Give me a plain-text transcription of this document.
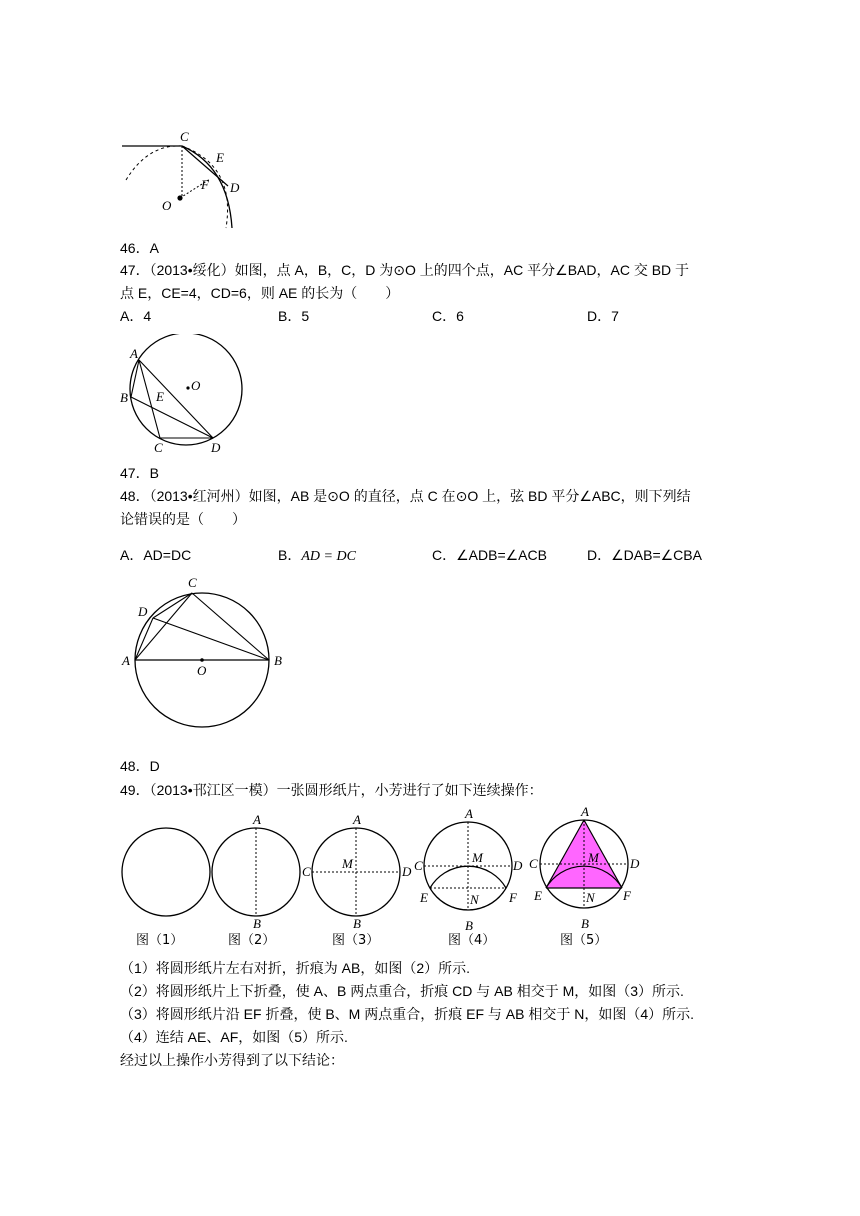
C
E
F D
O
46．A
47．（2013•绥化）如图，点 A，B，C，D 为⊙O 上的四个点，AC 平分∠BAD，AC 交 BD 于
点 E，CE=4，CD=6，则 AE 的长为（　　）
A．4	B．5	C．6	D．7
A
B
C	D
E
O
47．B
48．（2013•红河州）如图，AB 是⊙O 的直径，点 C 在⊙O 上，弦 BD 平分∠ABC，则下列结
论错误的是（　　）
A．AD=DC	B．AD = DC	C．∠ADB=∠ACB	D．∠DAB=∠CBA
C
D
A	B
O
48．D
49．（2013•邗江区一模）一张圆形纸片，小芳进行了如下连续操作：
A
B
A
B
C	D
M
A
B
C	D
M
N
E	F
A
B
C	D
M
N
E	F
图（1）	图（2）	图（3）	图（4）	图（5）
（1）将圆形纸片左右对折，折痕为 AB，如图（2）所示.
（2）将圆形纸片上下折叠，使 A、B 两点重合，折痕 CD 与 AB 相交于 M，如图（3）所示.
（3）将圆形纸片沿 EF 折叠，使 B、M 两点重合，折痕 EF 与 AB 相交于 N，如图（4）所示.
（4）连结 AE、AF，如图（5）所示.
经过以上操作小芳得到了以下结论：
